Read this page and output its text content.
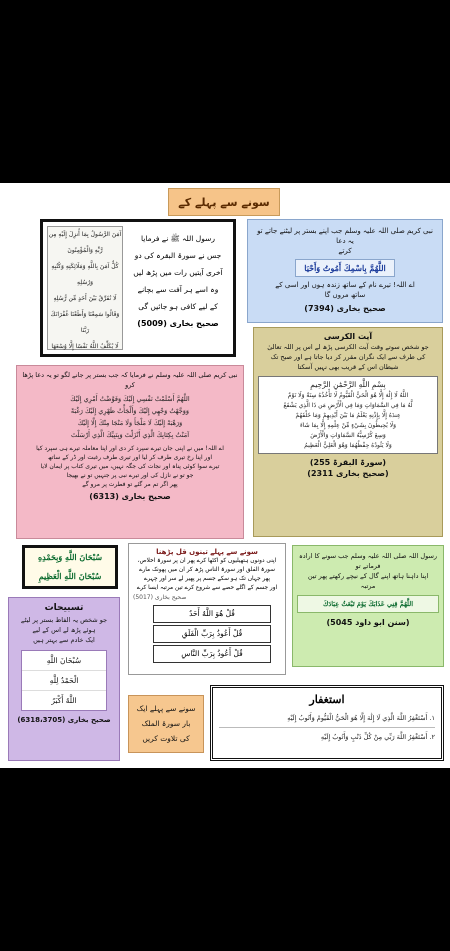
سونے سے پہلے کے
آمَنَ الرَّسُولُ بِمَا أُنزِلَ إِلَيْهِ مِن رَّبِّهِ وَالْمُؤْمِنُونَ
كُلٌّ آمَنَ بِاللَّهِ وَمَلَائِكَتِهِ وَكُتُبِهِ وَرُسُلِهِ
لَا نُفَرِّقُ بَيْنَ أَحَدٍ مِّن رُّسُلِهِ
وَقَالُوا سَمِعْنَا وَأَطَعْنَا غُفْرَانَكَ رَبَّنَا
لَا يُكَلِّفُ اللَّهُ نَفْسًا إِلَّا وُسْعَهَا
رسول اللہ ﷺ نے فرمایا
جس نے سورۃ البقرہ کی دو
آخری آیتیں رات میں پڑھ لیں
وہ اسے ہر آفت سے بچانے
کے لیے کافی ہو جائیں گی
صحیح بخاری (5009)
نبی کریم صلی اللہ علیہ وسلم جب اپنے بستر پر لیٹنے جاتے تو یہ دعا
کرتے
اللَّهُمَّ بِاسْمِكَ أَمُوتُ وَأَحْيَا
اے اللہ! تیرے نام کے ساتھ زندہ ہوں اور اسی کے
ساتھ مروں گا
صحیح بخاری (7394)
آیت الکرسی
جو شخص سوتے وقت آیت الکرسی پڑھ لے اس پر اللہ تعالیٰ
کی طرف سے ایک نگران مقرر کر دیا جاتا ہے اور صبح تک
شیطان اس کے قریب بھی نہیں آسکتا
بِسْمِ اللَّهِ الرَّحْمَٰنِ الرَّحِيمِ
اللَّهُ لَا إِلَٰهَ إِلَّا هُوَ الْحَيُّ الْقَيُّومُ لَا تَأْخُذُهُ سِنَةٌ وَلَا نَوْمٌ
لَّهُ مَا فِي السَّمَاوَاتِ وَمَا فِي الْأَرْضِ مَن ذَا الَّذِي يَشْفَعُ
عِندَهُ إِلَّا بِإِذْنِهِ يَعْلَمُ مَا بَيْنَ أَيْدِيهِمْ وَمَا خَلْفَهُمْ
وَلَا يُحِيطُونَ بِشَيْءٍ مِّنْ عِلْمِهِ إِلَّا بِمَا شَاءَ
وَسِعَ كُرْسِيُّهُ السَّمَاوَاتِ وَالْأَرْضَ
وَلَا يَئُودُهُ حِفْظُهُمَا وَهُوَ الْعَلِيُّ الْعَظِيمُ
(سورۃ البقرۃ 255)
(صحیح بخاری 2311)
نبی کریم صلی اللہ علیہ وسلم نے فرمایا کہ جب بستر پر جانے لگو تو یہ دعا پڑھا کرو
اللَّهُمَّ أَسْلَمْتُ نَفْسِي إِلَيْكَ وَفَوَّضْتُ أَمْرِي إِلَيْكَ
وَوَجَّهْتُ وَجْهِي إِلَيْكَ وَأَلْجَأْتُ ظَهْرِي إِلَيْكَ رَغْبَةً
وَرَهْبَةً إِلَيْكَ لَا مَلْجَأَ وَلَا مَنْجَا مِنْكَ إِلَّا إِلَيْكَ
آمَنْتُ بِكِتَابِكَ الَّذِي أَنْزَلْتَ وَبِنَبِيِّكَ الَّذِي أَرْسَلْتَ
اے اللہ! میں نے اپنی جان تیرے سپرد کر دی اور اپنا معاملہ تیرے ہی سپرد کیا
اور اپنا رخ تیری طرف کر لیا اور تیری طرف رغبت اور ڈر کے ساتھ
تیرے سوا کوئی پناہ اور نجات کی جگہ نہیں، میں تیری کتاب پر ایمان لایا
جو تو نے نازل کی اور تیرے نبی پر جنہیں تو نے بھیجا
پھر اگر تم مر گئے تو فطرت پر مرو گے
صحیح بخاری (6313)
سُبْحَانَ اللَّهِ وَبِحَمْدِهِ
سُبْحَانَ اللَّهِ الْعَظِيمِ
تسبیحات
جو شخص یہ الفاظ بستر پر لیٹے
ہوئے پڑھ لے اس کے لیے
ایک خادم سے بہتر ہیں
سُبْحَانَ اللَّهِ
الْحَمْدُ لِلَّهِ
اللَّهُ أَكْبَرُ
صحیح بخاری (6318،3705)
سونے سے پہلے تینوں قل پڑھنا
اپنی دونوں ہتھیلیوں کو اکٹھا کرے پھر ان پر سورۃ اخلاص،
سورۃ الفلق اور سورۃ الناس پڑھ کر ان میں پھونک مارے
پھر جہاں تک ہو سکے جسم پر پھیر لے سر اور چہرے
اور جسم کے اگلے حصے سے شروع کرے تین مرتبہ ایسا کرے
صحیح بخاری (5017)
قُلْ هُوَ اللَّهُ أَحَدٌ
قُلْ أَعُوذُ بِرَبِّ الْفَلَقِ
قُلْ أَعُوذُ بِرَبِّ النَّاسِ
رسول اللہ صلی اللہ علیہ وسلم جب سونے کا ارادہ
فرماتے تو
اپنا داہنا ہاتھ اپنے گال کے نیچے رکھتے پھر تین
مرتبہ
اللَّهُمَّ قِنِي عَذَابَكَ يَوْمَ تَبْعَثُ عِبَادَكَ
(سنن ابو داود 5045)
سونے سے پہلے ایک
بار سورۃ الملک
کی تلاوت کریں
استغفار
١. أَسْتَغْفِرُ اللَّهَ الَّذِي لَا إِلَٰهَ إِلَّا هُوَ الْحَيُّ الْقَيُّومُ وَأَتُوبُ إِلَيْهِ
٢. أَسْتَغْفِرُ اللَّهَ رَبِّي مِنْ كُلِّ ذَنْبٍ وَأَتُوبُ إِلَيْهِ
